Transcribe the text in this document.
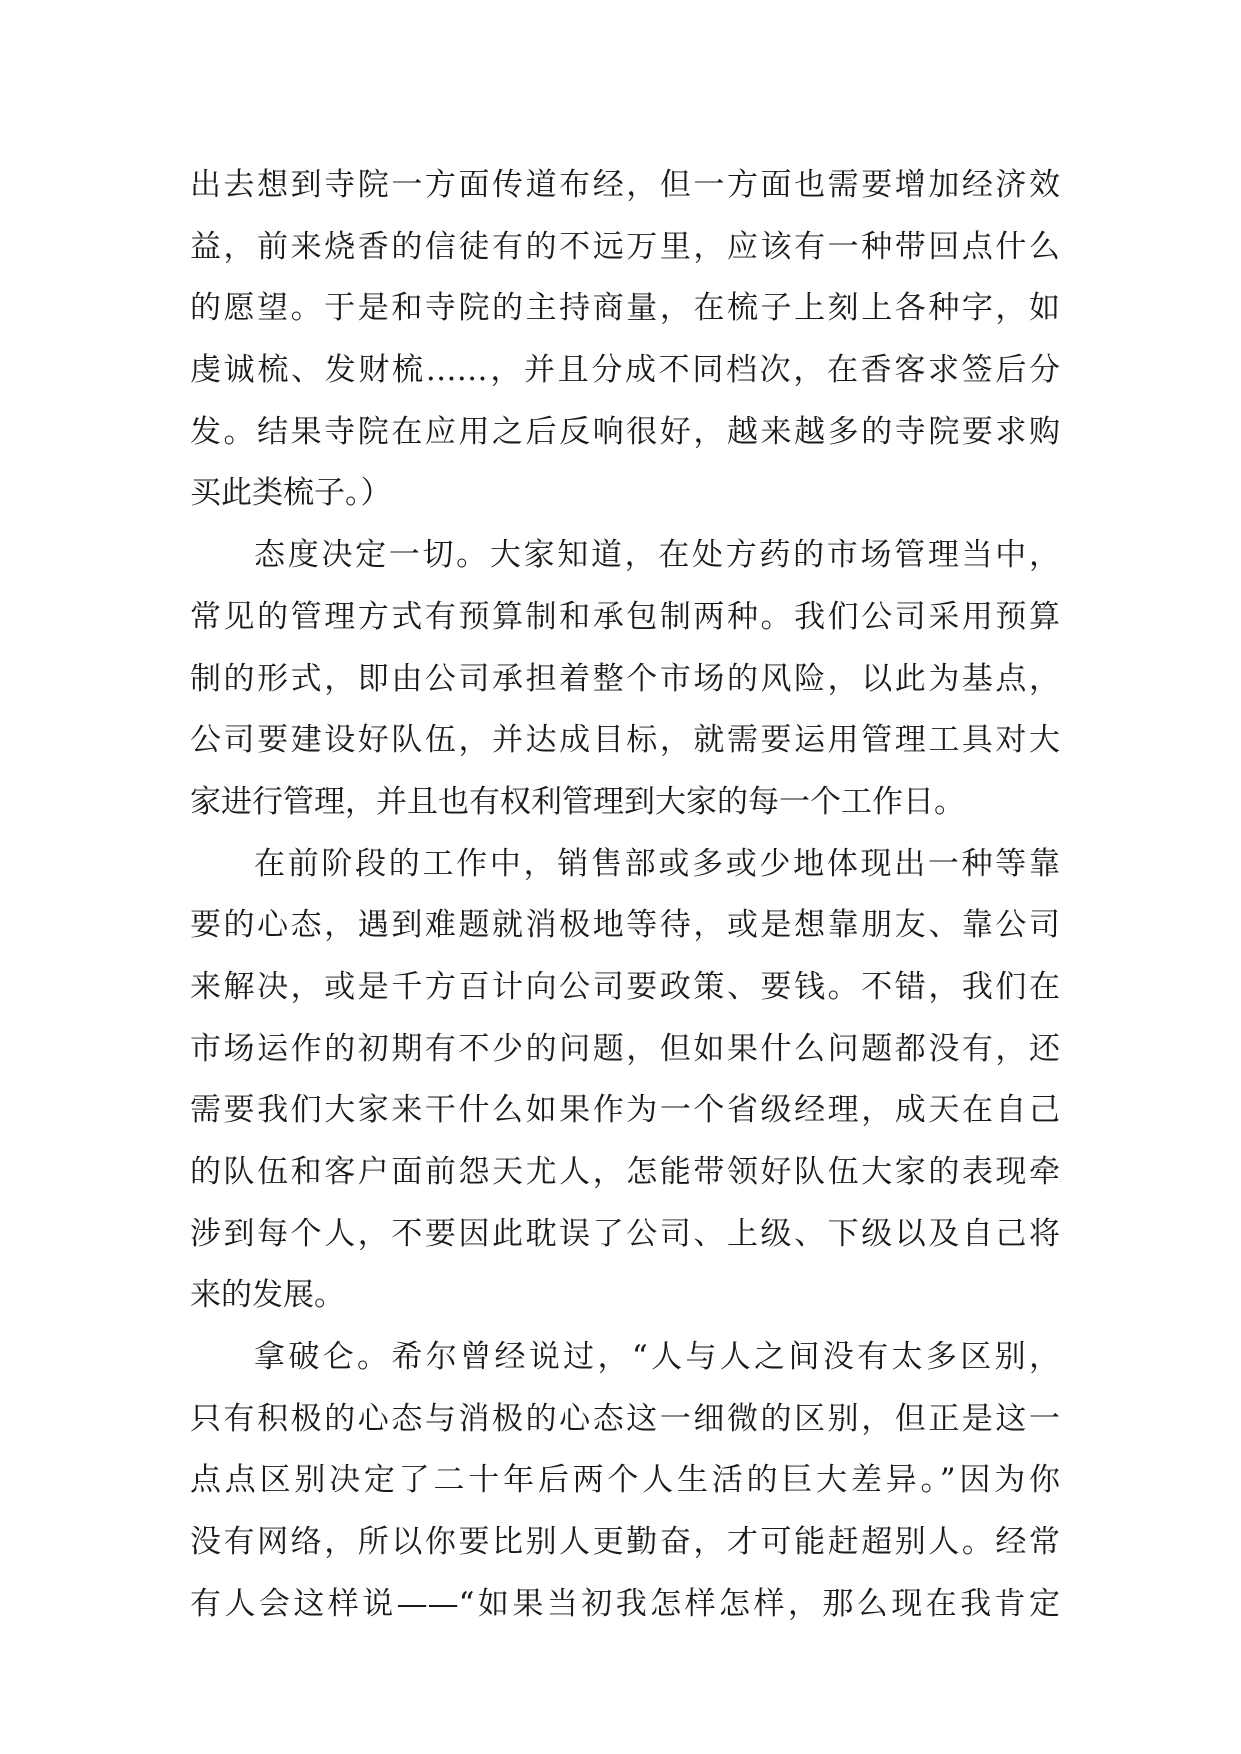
出去想到寺院一方面传道布经，但一方面也需要增加经济效
益，前来烧香的信徒有的不远万里，应该有一种带回点什么
的愿望。于是和寺院的主持商量，在梳子上刻上各种字，如
虔诚梳、发财梳……，并且分成不同档次，在香客求签后分
发。结果寺院在应用之后反响很好，越来越多的寺院要求购
买此类梳子。）
态度决定一切。大家知道，在处方药的市场管理当中，
常见的管理方式有预算制和承包制两种。我们公司采用预算
制的形式，即由公司承担着整个市场的风险，以此为基点，
公司要建设好队伍，并达成目标，就需要运用管理工具对大
家进行管理，并且也有权利管理到大家的每一个工作日。
在前阶段的工作中，销售部或多或少地体现出一种等靠
要的心态，遇到难题就消极地等待，或是想靠朋友、靠公司
来解决，或是千方百计向公司要政策、要钱。不错，我们在
市场运作的初期有不少的问题，但如果什么问题都没有，还
需要我们大家来干什么如果作为一个省级经理，成天在自己
的队伍和客户面前怨天尤人，怎能带领好队伍大家的表现牵
涉到每个人，不要因此耽误了公司、上级、下级以及自己将
来的发展。
拿破仑。希尔曾经说过，“人与人之间没有太多区别，
只有积极的心态与消极的心态这一细微的区别，但正是这一
点点区别决定了二十年后两个人生活的巨大差异。”因为你
没有网络，所以你要比别人更勤奋，才可能赶超别人。经常
有人会这样说——“如果当初我怎样怎样，那么现在我肯定
